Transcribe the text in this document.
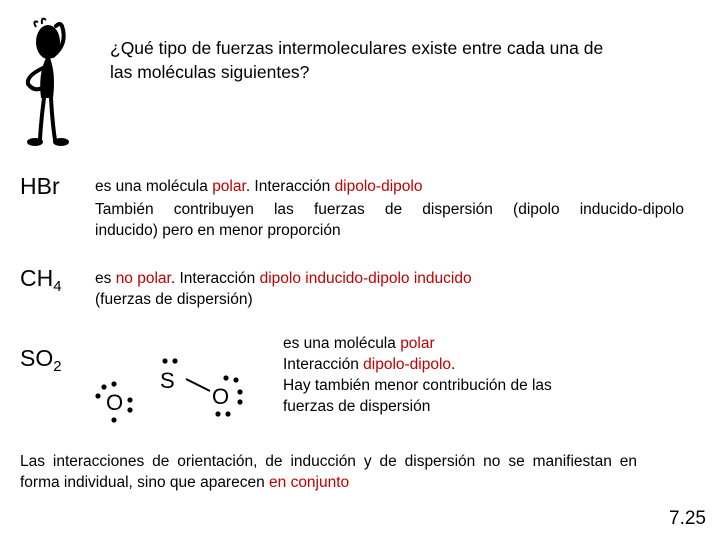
¿Qué tipo de fuerzas intermoleculares existe entre cada una de
las moléculas siguientes?
HBr es una molécula polar. Interacción dipolo-dipolo
También contribuyen las fuerzas de dispersión (dipolo inducido-dipolo
inducido) pero en menor proporción
$CH_4$ es no polar. Interacción dipolo inducido-dipolo inducido
(fuerzas de dispersión)
$SO_2$
S
O	O
es una molécula polar
Interacción dipolo-dipolo.
Hay también menor contribución de las
fuerzas de dispersión
Las interacciones de orientación, de inducción y de dispersión no se manifiestan en forma individual, sino que aparecen en conjunto
7.25
